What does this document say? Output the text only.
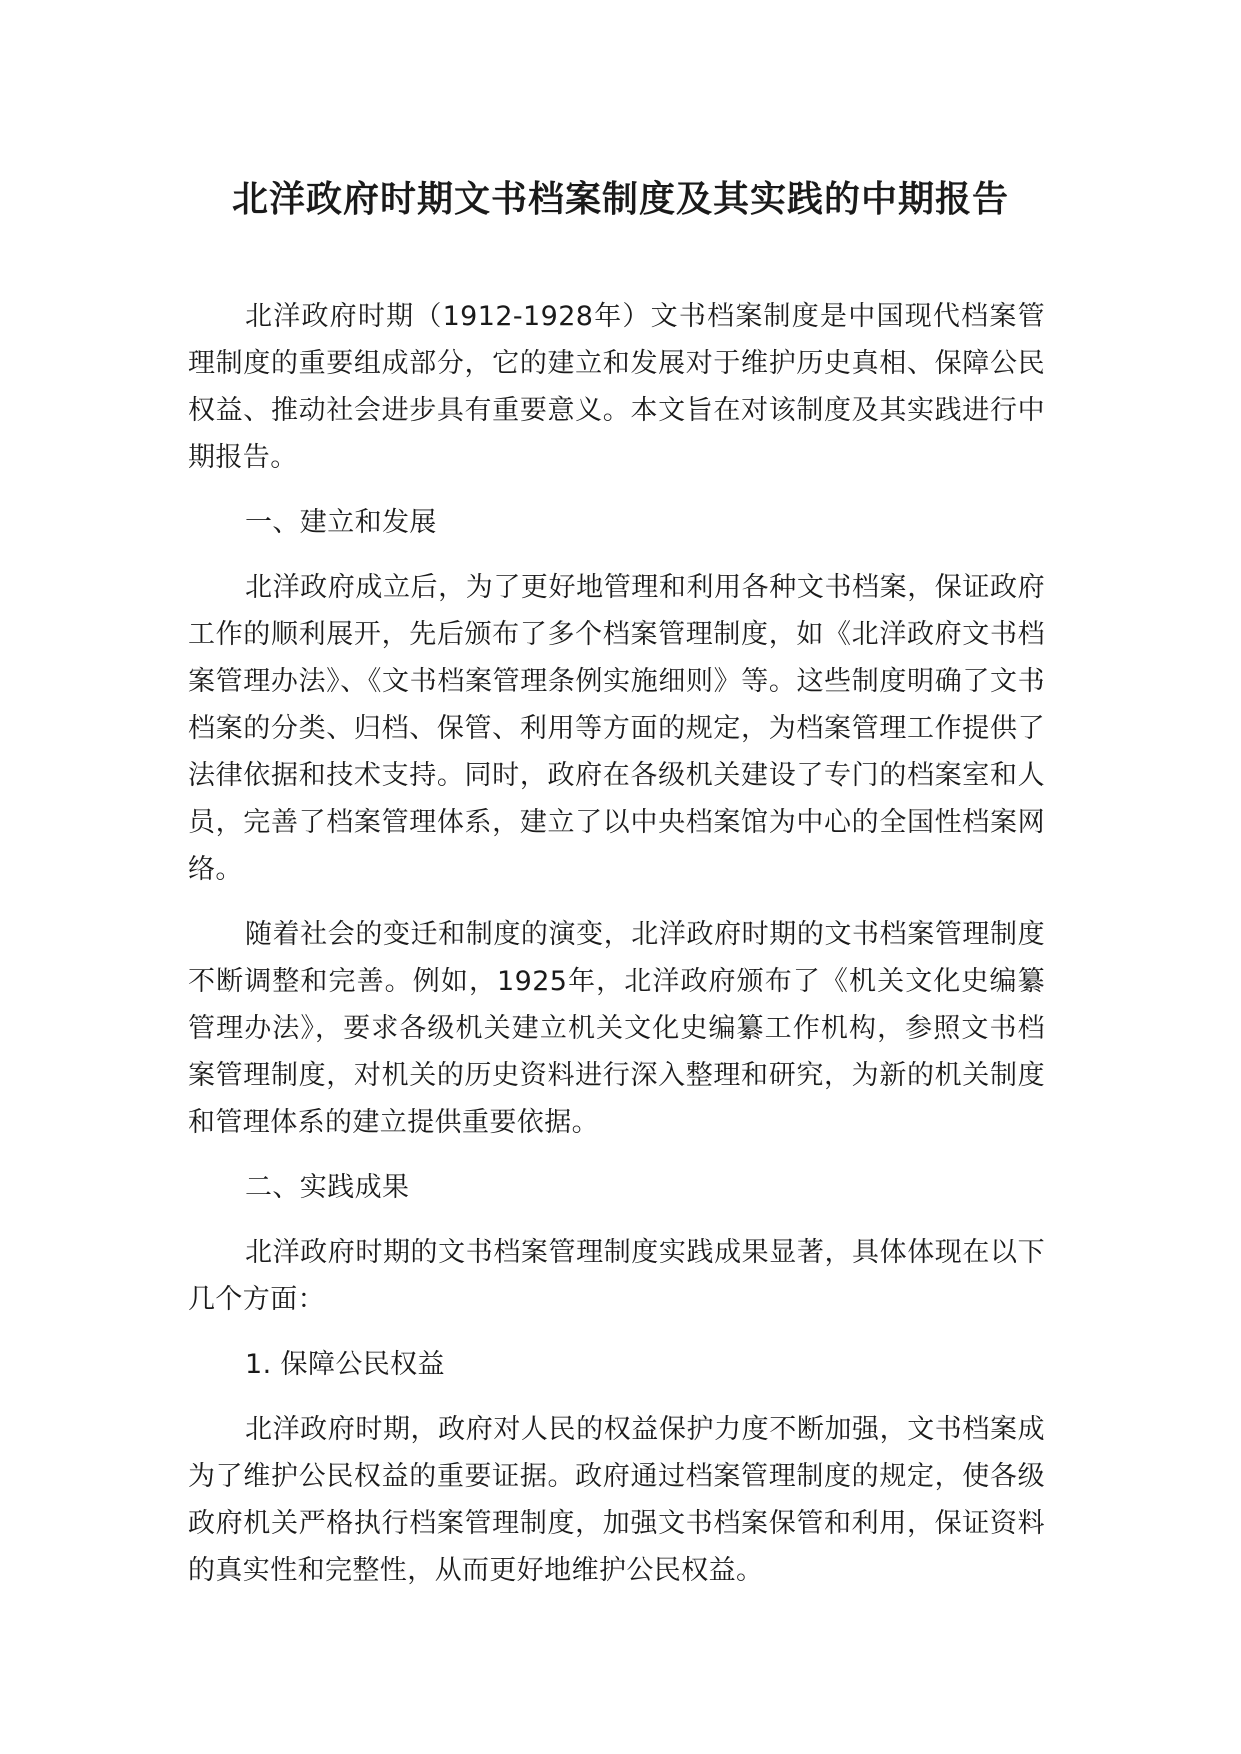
北洋政府时期文书档案制度及其实践的中期报告

北洋政府时期（1912-1928年）文书档案制度是中国现代档案管理制度的重要组成部分，它的建立和发展对于维护历史真相、保障公民权益、推动社会进步具有重要意义。本文旨在对该制度及其实践进行中期报告。

一、建立和发展

北洋政府成立后，为了更好地管理和利用各种文书档案，保证政府工作的顺利展开，先后颁布了多个档案管理制度，如《北洋政府文书档案管理办法》、《文书档案管理条例实施细则》等。这些制度明确了文书档案的分类、归档、保管、利用等方面的规定，为档案管理工作提供了法律依据和技术支持。同时，政府在各级机关建设了专门的档案室和人员，完善了档案管理体系，建立了以中央档案馆为中心的全国性档案网络。

随着社会的变迁和制度的演变，北洋政府时期的文书档案管理制度不断调整和完善。例如，1925年，北洋政府颁布了《机关文化史编纂管理办法》，要求各级机关建立机关文化史编纂工作机构，参照文书档案管理制度，对机关的历史资料进行深入整理和研究，为新的机关制度和管理体系的建立提供重要依据。

二、实践成果

北洋政府时期的文书档案管理制度实践成果显著，具体体现在以下几个方面：

1. 保障公民权益

北洋政府时期，政府对人民的权益保护力度不断加强，文书档案成为了维护公民权益的重要证据。政府通过档案管理制度的规定，使各级政府机关严格执行档案管理制度，加强文书档案保管和利用，保证资料的真实性和完整性，从而更好地维护公民权益。
